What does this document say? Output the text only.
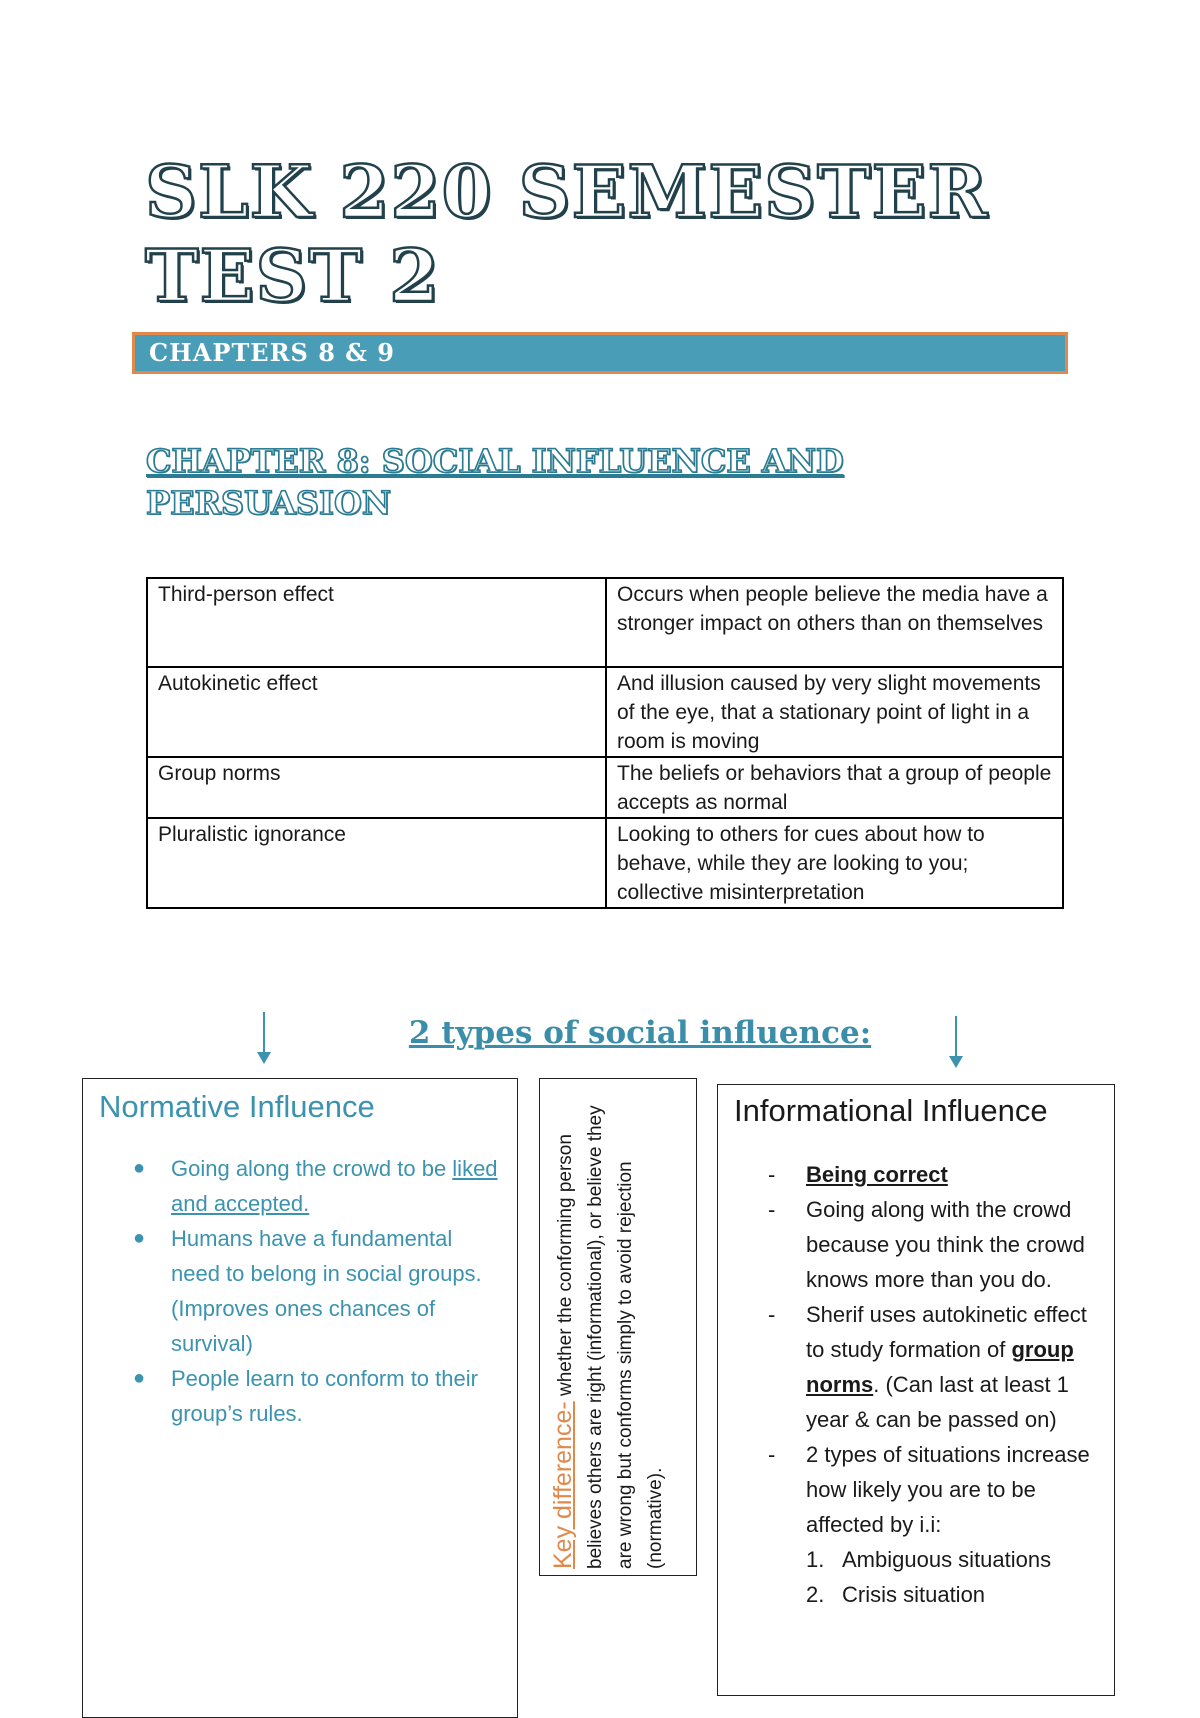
SLK 220 SEMESTER
TEST 2
CHAPTERS 8 & 9
CHAPTER 8: SOCIAL INFLUENCE AND
PERSUASION
Third-person effect	Occurs when people believe the media have a stronger impact on others than on themselves
Autokinetic effect	And illusion caused by very slight movements of the eye, that a stationary point of light in a room is moving
Group norms	The beliefs or behaviors that a group of people accepts as normal
Pluralistic ignorance	Looking to others for cues about how to behave, while they are looking to you; collective misinterpretation
2 types of social influence:
Normative Influence
● Going along the crowd to be liked and accepted.
● Humans have a fundamental need to belong in social groups. (Improves ones chances of survival)
● People learn to conform to their group’s rules.	Key difference- whether the conforming person believes others are right (informational), or believe they are wrong but conforms simply to avoid rejection (normative).
Informational Influence
- Being correct
- Going along with the crowd because you think the crowd knows more than you do.
- Sherif uses autokinetic effect to study formation of group norms. (Can last at least 1 year & can be passed on)
- 2 types of situations increase how likely you are to be affected by i.i:
1. Ambiguous situations
2. Crisis situation
